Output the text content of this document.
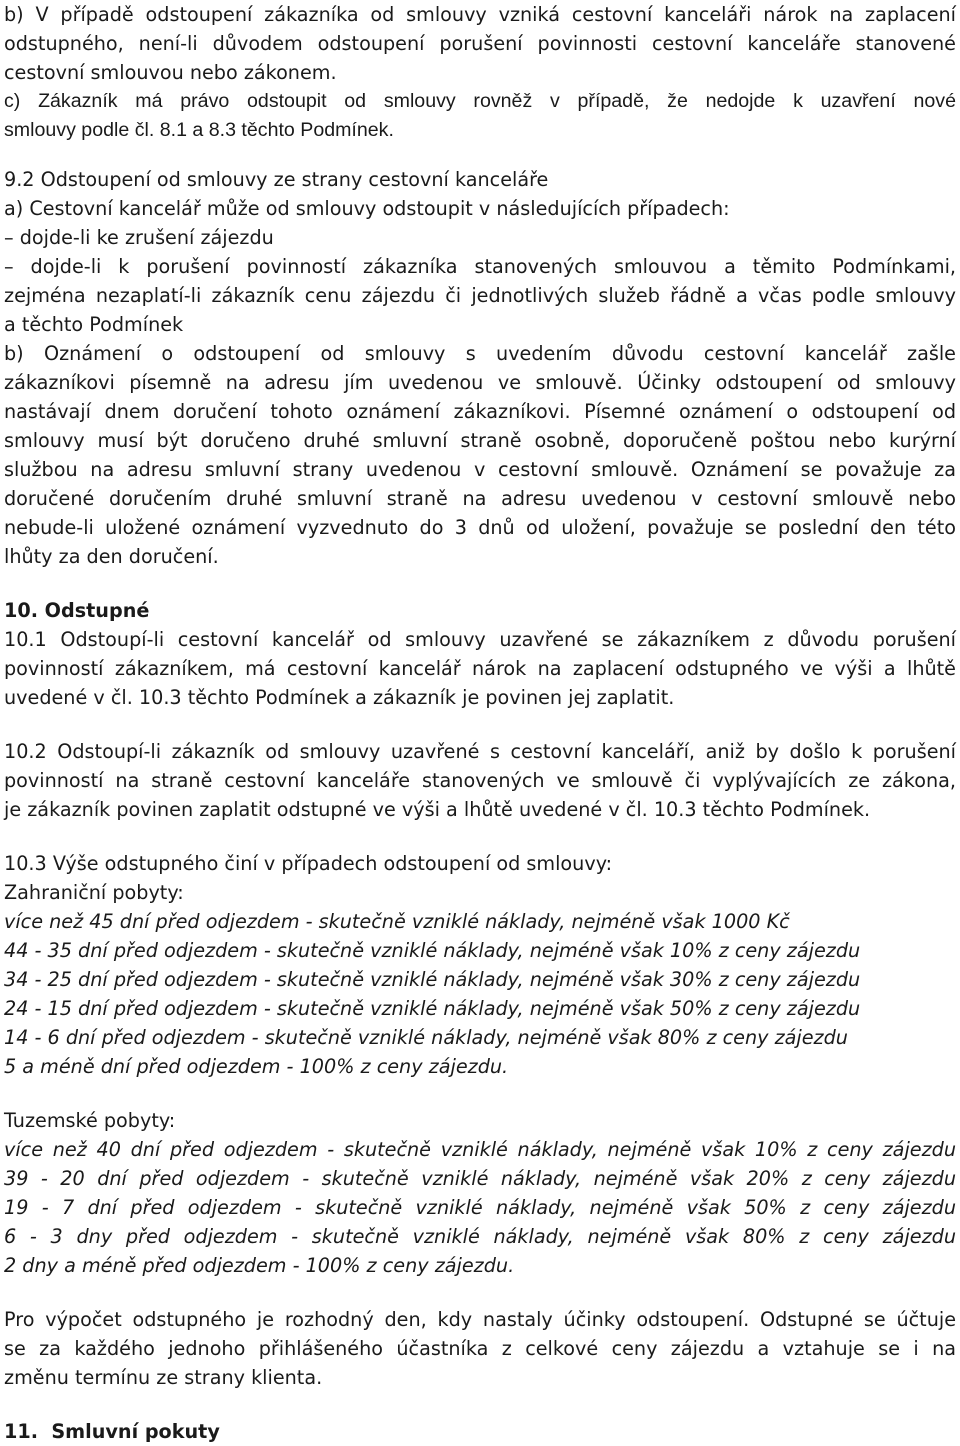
b) V případě odstoupení zákazníka od smlouvy vzniká cestovní kanceláři nárok na zaplacení
odstupného, není-li důvodem odstoupení porušení povinnosti cestovní kanceláře stanovené
cestovní smlouvou nebo zákonem.
c) Zákazník má právo odstoupit od smlouvy rovněž v případě, že nedojde k uzavření nové
smlouvy podle čl. 8.1 a 8.3 těchto Podmínek.
9.2 Odstoupení od smlouvy ze strany cestovní kanceláře
a) Cestovní kancelář může od smlouvy odstoupit v následujících případech:
– dojde-li ke zrušení zájezdu
– dojde-li k porušení povinností zákazníka stanovených smlouvou a těmito Podmínkami,
zejména nezaplatí-li zákazník cenu zájezdu či jednotlivých služeb řádně a včas podle smlouvy
a těchto Podmínek
b) Oznámení o odstoupení od smlouvy s uvedením důvodu cestovní kancelář zašle
zákazníkovi písemně na adresu jím uvedenou ve smlouvě. Účinky odstoupení od smlouvy
nastávají dnem doručení tohoto oznámení zákazníkovi. Písemné oznámení o odstoupení od
smlouvy musí být doručeno druhé smluvní straně osobně, doporučeně poštou nebo kurýrní
službou na adresu smluvní strany uvedenou v cestovní smlouvě. Oznámení se považuje za
doručené doručením druhé smluvní straně na adresu uvedenou v cestovní smlouvě nebo
nebude-li uložené oznámení vyzvednuto do 3 dnů od uložení, považuje se poslední den této
lhůty za den doručení.
10. Odstupné
10.1 Odstoupí-li cestovní kancelář od smlouvy uzavřené se zákazníkem z důvodu porušení
povinností zákazníkem, má cestovní kancelář nárok na zaplacení odstupného ve výši a lhůtě
uvedené v čl. 10.3 těchto Podmínek a zákazník je povinen jej zaplatit.
10.2 Odstoupí-li zákazník od smlouvy uzavřené s cestovní kanceláří, aniž by došlo k porušení
povinností na straně cestovní kanceláře stanovených ve smlouvě či vyplývajících ze zákona,
je zákazník povinen zaplatit odstupné ve výši a lhůtě uvedené v čl. 10.3 těchto Podmínek.
10.3 Výše odstupného činí v případech odstoupení od smlouvy:
Zahraniční pobyty:
více než 45 dní před odjezdem - skutečně vzniklé náklady, nejméně však 1000 Kč
44 - 35 dní před odjezdem - skutečně vzniklé náklady, nejméně však 10% z ceny zájezdu
34 - 25 dní před odjezdem - skutečně vzniklé náklady, nejméně však 30% z ceny zájezdu
24 - 15 dní před odjezdem - skutečně vzniklé náklady, nejméně však 50% z ceny zájezdu
14 - 6 dní před odjezdem - skutečně vzniklé náklady, nejméně však 80% z ceny zájezdu
5 a méně dní před odjezdem - 100% z ceny zájezdu.
Tuzemské pobyty:
více než 40 dní před odjezdem - skutečně vzniklé náklady, nejméně však 10% z ceny zájezdu
39 - 20 dní před odjezdem - skutečně vzniklé náklady, nejméně však 20% z ceny zájezdu
19 - 7 dní před odjezdem - skutečně vzniklé náklady, nejméně však 50% z ceny zájezdu
6 - 3 dny před odjezdem - skutečně vzniklé náklady, nejméně však 80% z ceny zájezdu
2 dny a méně před odjezdem - 100% z ceny zájezdu.
Pro výpočet odstupného je rozhodný den, kdy nastaly účinky odstoupení. Odstupné se účtuje
se za každého jednoho přihlášeného účastníka z celkové ceny zájezdu a vztahuje se i na
změnu termínu ze strany klienta.
11.  Smluvní pokuty
